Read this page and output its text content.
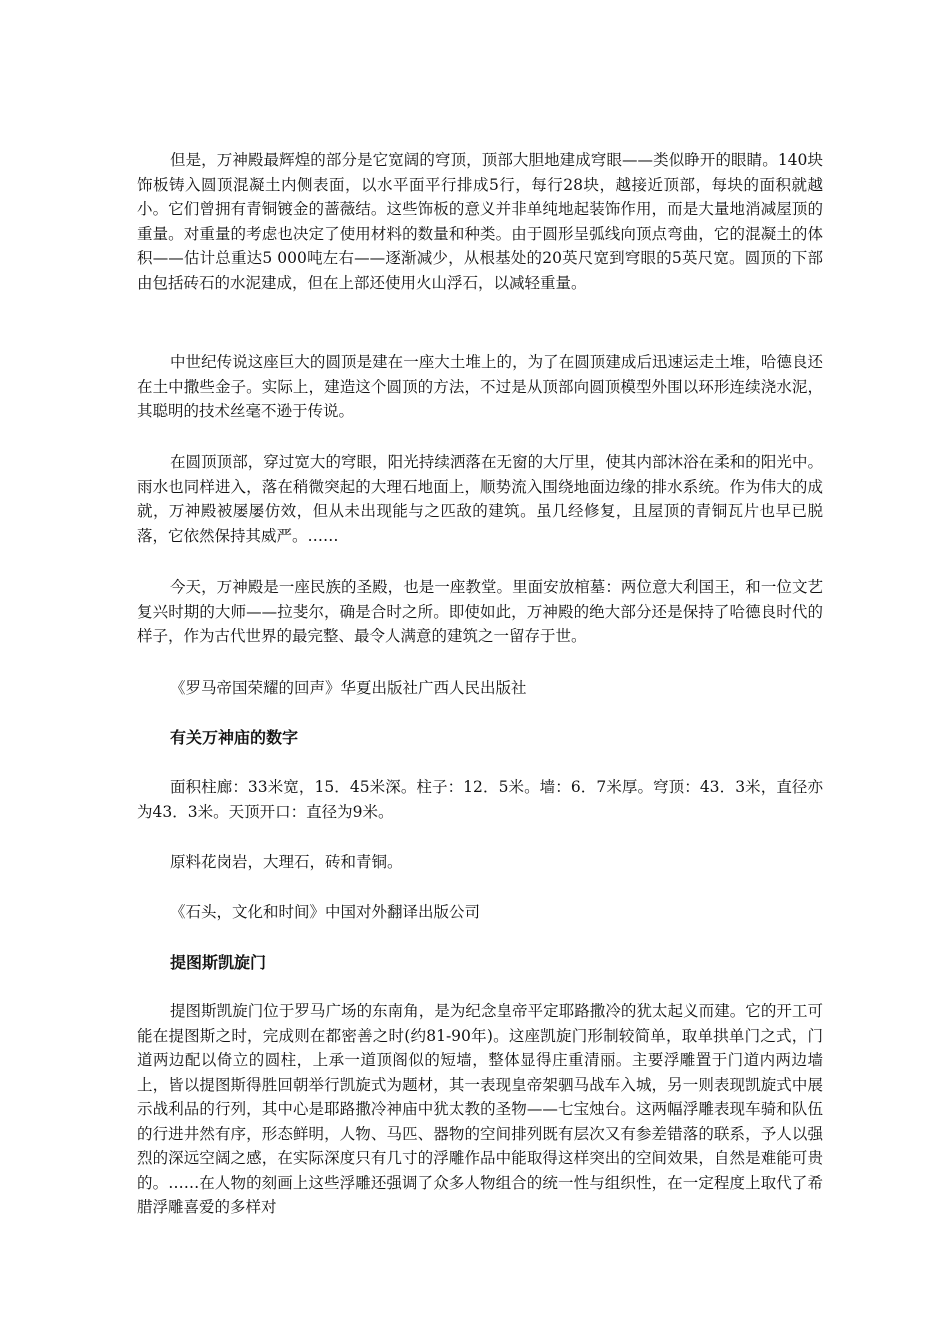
但是，万神殿最辉煌的部分是它宽阔的穹顶，顶部大胆地建成穹眼——类似睁开的眼睛。140块饰板铸入圆顶混凝土内侧表面，以水平面平行排成5行，每行28块，越接近顶部，每块的面积就越小。它们曾拥有青铜镀金的蔷薇结。这些饰板的意义并非单纯地起装饰作用，而是大量地消减屋顶的重量。对重量的考虑也决定了使用材料的数量和种类。由于圆形呈弧线向顶点弯曲，它的混凝土的体积——估计总重达5 000吨左右——逐渐减少，从根基处的20英尺宽到穹眼的5英尺宽。圆顶的下部由包括砖石的水泥建成，但在上部还使用火山浮石，以减轻重量。

中世纪传说这座巨大的圆顶是建在一座大土堆上的，为了在圆顶建成后迅速运走土堆，哈德良还在土中撒些金子。实际上，建造这个圆顶的方法，不过是从顶部向圆顶模型外围以环形连续浇水泥，其聪明的技术丝毫不逊于传说。

在圆顶顶部，穿过宽大的穹眼，阳光持续洒落在无窗的大厅里，使其内部沐浴在柔和的阳光中。雨水也同样进入，落在稍微突起的大理石地面上，顺势流入围绕地面边缘的排水系统。作为伟大的成就，万神殿被屡屡仿效，但从未出现能与之匹敌的建筑。虽几经修复，且屋顶的青铜瓦片也早已脱落，它依然保持其威严。……

今天，万神殿是一座民族的圣殿，也是一座教堂。里面安放棺墓：两位意大利国王，和一位文艺复兴时期的大师——拉斐尔，确是合时之所。即使如此，万神殿的绝大部分还是保持了哈德良时代的样子，作为古代世界的最完整、最令人满意的建筑之一留存于世。

《罗马帝国荣耀的回声》华夏出版社广西人民出版社

有关万神庙的数字

面积柱廊：33米宽，15．45米深。柱子：12．5米。墙：6．7米厚。穹顶：43．3米，直径亦为43．3米。天顶开口：直径为9米。

原料花岗岩，大理石，砖和青铜。

《石头，文化和时间》中国对外翻译出版公司

提图斯凯旋门

提图斯凯旋门位于罗马广场的东南角，是为纪念皇帝平定耶路撒冷的犹太起义而建。它的开工可能在提图斯之时，完成则在都密善之时(约81-90年)。这座凯旋门形制较简单，取单拱单门之式，门道两边配以倚立的圆柱，上承一道顶阁似的短墙，整体显得庄重清丽。主要浮雕置于门道内两边墙上，皆以提图斯得胜回朝举行凯旋式为题材，其一表现皇帝架驷马战车入城，另一则表现凯旋式中展示战利品的行列，其中心是耶路撒冷神庙中犹太教的圣物——七宝烛台。这两幅浮雕表现车骑和队伍的行进井然有序，形态鲜明，人物、马匹、器物的空间排列既有层次又有参差错落的联系，予人以强烈的深远空阔之感，在实际深度只有几寸的浮雕作品中能取得这样突出的空间效果，自然是难能可贵的。……在人物的刻画上这些浮雕还强调了众多人物组合的统一性与组织性，在一定程度上取代了希腊浮雕喜爱的多样对
